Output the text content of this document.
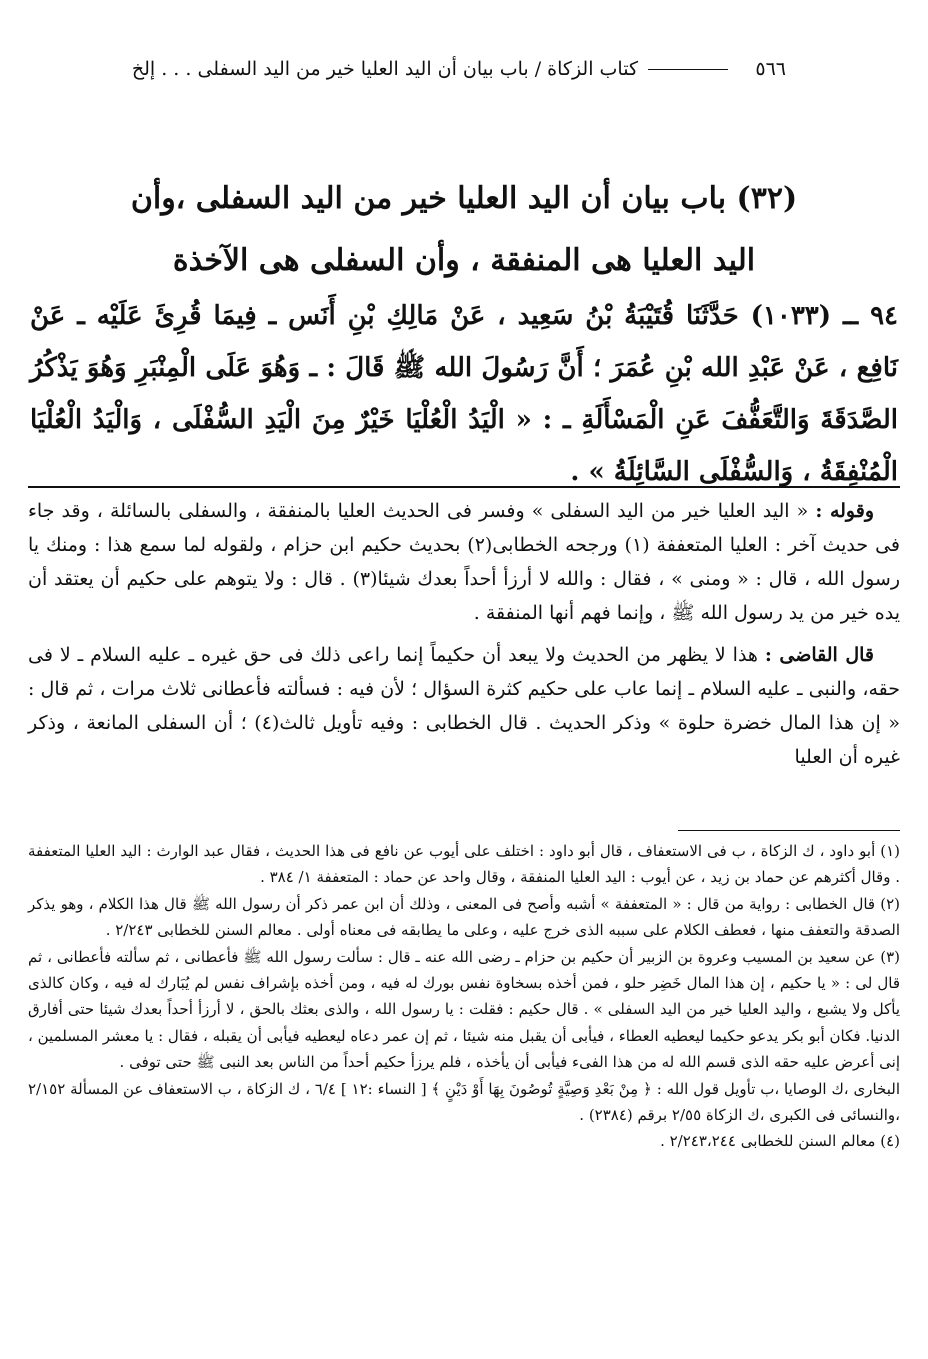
٥٦٦
كتاب الزكاة / باب بيان أن اليد العليا خير من اليد السفلى . . . إلخ
(٣٢) باب بيان أن اليد العليا خير من اليد السفلى ،وأن
اليد العليا هى المنفقة ، وأن السفلى هى الآخذة
٩٤ ــ (١٠٣٣) حَدَّثَنَا قُتَيْبَةُ بْنُ سَعِيد ، عَنْ مَالِكِ بْنِ أَنَس ـ فِيمَا قُرِئَ عَلَيْه ـ عَنْ نَافِع ، عَنْ عَبْدِ الله بْنِ عُمَرَ ؛ أَنَّ رَسُولَ الله ﷺ قَالَ : ـ وَهُوَ عَلَى الْمِنْبَرِ وَهُوَ يَذْكُرُ الصَّدَقَةَ وَالتَّعَفُّفَ عَنِ الْمَسْأَلَةِ ـ : « الْيَدُ الْعُلْيَا خَيْرٌ مِنَ الْيَدِ السُّفْلَى ، وَالْيَدُ الْعُلْيَا الْمُنْفِقَةُ ، وَالسُّفْلَى السَّائِلَةُ » .

وقوله : « اليد العليا خير من اليد السفلى » وفسر فى الحديث العليا بالمنفقة ، والسفلى بالسائلة ، وقد جاء فى حديث آخر : العليا المتعففة (١) ورجحه الخطابى(٢) بحديث حكيم ابن حزام ، ولقوله لما سمع هذا : ومنك يا رسول الله ، قال : « ومنى » ، فقال : والله لا أرزأ أحداً بعدك شيئا(٣) . قال : ولا يتوهم على حكيم أن يعتقد أن يده خير من يد رسول الله ﷺ ، وإنما فهم أنها المنفقة .

قال القاضى : هذا لا يظهر من الحديث ولا يبعد أن حكيماً إنما راعى ذلك فى حق غيره ـ عليه السلام ـ لا فى حقه، والنبى ـ عليه السلام ـ إنما عاب على حكيم كثرة السؤال ؛ لأن فيه : فسألته فأعطانى ثلاث مرات ، ثم قال : « إن هذا المال خضرة حلوة » وذكر الحديث . قال الخطابى : وفيه تأويل ثالث(٤) ؛ أن السفلى المانعة ، وذكر غيره أن العليا

(١) أبو داود ، ك الزكاة ، ب فى الاستعفاف ، قال أبو داود : اختلف على أيوب عن نافع فى هذا الحديث ، فقال عبد الوارث : اليد العليا المتعففة . وقال أكثرهم عن حماد بن زيد ، عن أيوب : اليد العليا المنفقة ، وقال واحد عن حماد : المتعففة ١/ ٣٨٤ .

(٢) قال الخطابى : رواية من قال : « المتعففة » أشبه وأصح فى المعنى ، وذلك أن ابن عمر ذكر أن رسول الله ﷺ قال هذا الكلام ، وهو يذكر الصدقة والتعفف منها ، فعطف الكلام على سببه الذى خرج عليه ، وعلى ما يطابقه فى معناه أولى . معالم السنن للخطابى ٢/٢٤٣ .

(٣) عن سعيد بن المسيب وعروة بن الزبير أن حكيم بن حزام ـ رضى الله عنه ـ قال : سألت رسول الله ﷺ فأعطانى ، ثم سألته فأعطانى ، ثم قال لى : « يا حكيم ، إن هذا المال خَضِر حلو ، فمن أخذه بسخاوة نفس بورك له فيه ، ومن أخذه بإشراف نفس لم يُبَارك له فيه ، وكان كالذى يأكل ولا يشبع ، واليد العليا خير من اليد السفلى » . قال حكيم : فقلت : يا رسول الله ، والذى بعثك بالحق ، لا أرزأ أحداً بعدك شيئا حتى أفارق الدنيا. فكان أبو بكر يدعو حكيما ليعطيه العطاء ، فيأبى أن يقبل منه شيئا ، ثم إن عمر دعاه ليعطيه فيأبى أن يقبله ، فقال : يا معشر المسلمين ، إنى أعرض عليه حقه الذى قسم الله له من هذا الفىء فيأبى أن يأخذه ، فلم يرزأ حكيم أحداً من الناس بعد النبى ﷺ حتى توفى .

البخارى ،ك الوصايا ،ب تأويل قول الله : ﴿ مِنْ بَعْدِ وَصِيَّةٍ تُوصُونَ بِهَا أَوْ دَيْنٍ ﴾ [ النساء :١٢ ] ٦/٤ ، ك الزكاة ، ب الاستعفاف عن المسألة ٢/١٥٢ ،والنسائى فى الكبرى ،ك الزكاة ٢/٥٥ برقم (٢٣٨٤) .

(٤) معالم السنن للخطابى ٢/٢٤٣،٢٤٤ .
